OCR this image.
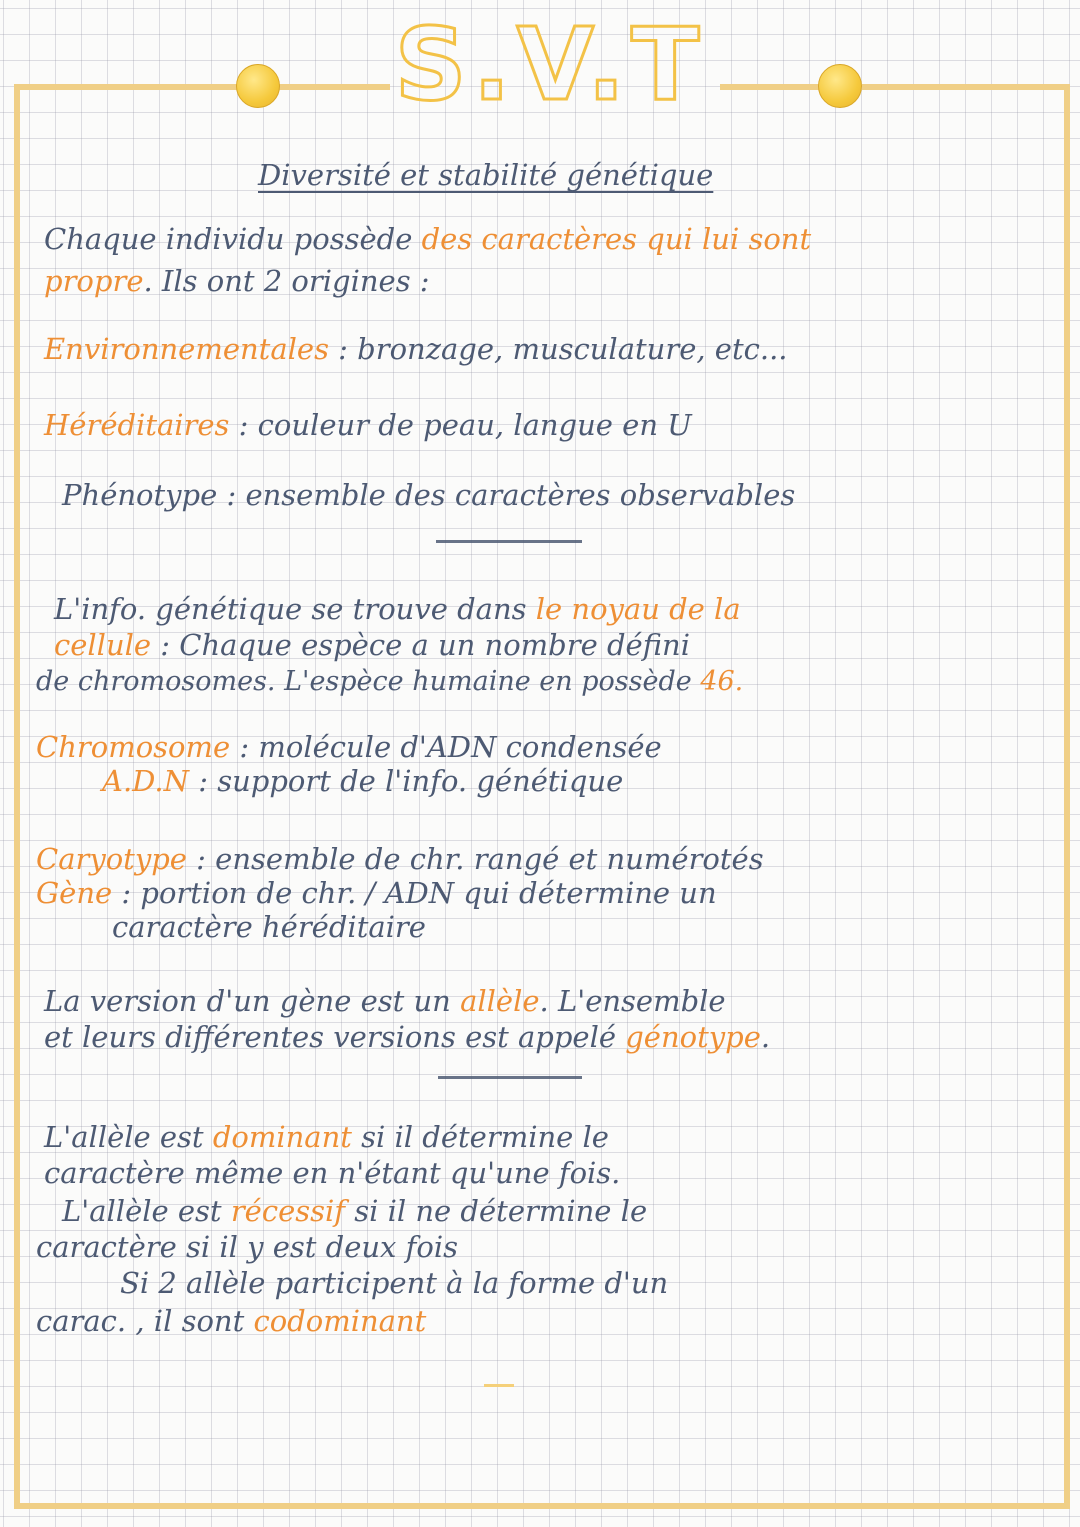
S.V.T
Diversité et stabilité génétique
Chaque individu possède des caractères qui lui sont
propre. Ils ont 2 origines :
Environnementales : bronzage, musculature, etc...
Héréditaires : couleur de peau, langue en U
Phénotype : ensemble des caractères observables
L'info. génétique se trouve dans le noyau de la
cellule : Chaque espèce a un nombre défini
de chromosomes. L'espèce humaine en possède 46.
Chromosome : molécule d'ADN condensée
A.D.N : support de l'info. génétique
Caryotype : ensemble de chr. rangé et numérotés
Gène : portion de chr. / ADN qui détermine un
caractère héréditaire
La version d'un gène est un allèle. L'ensemble
et leurs différentes versions est appelé génotype.
L'allèle est dominant si il détermine le
caractère même en n'étant qu'une fois.
L'allèle est récessif si il ne détermine le
caractère si il y est deux fois
Si 2 allèle participent à la forme d'un
carac. , il sont codominant
